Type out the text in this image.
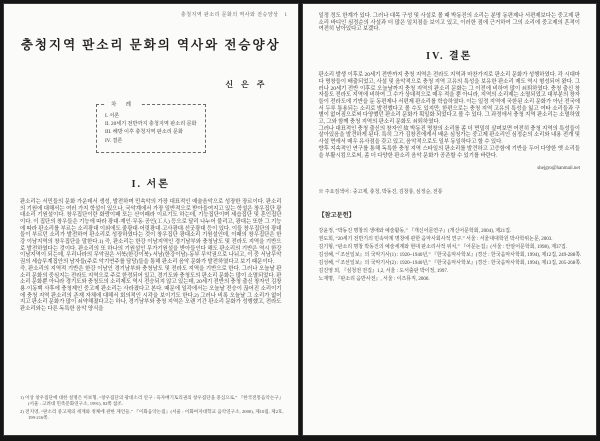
충청지역 판소리 문화의 역사와 전승양상 1
충청지역 판소리 문화의 역사와 전승양상
신 은 주
차 례
I. 서론
II. 20세기 전반까지 충청지역 판소리 문화
III. 해방 이후 충청지역 판소리 문화
IV. 결론
I. 서론

판소리는 서민들의 문화 가운데서 생성, 발전하며 민속악의 가장 대표적인 예술음악으로 성장한 장르이다. 판소리의 기원에 대해서는 여러 가지 학설이 있으나, 국악계에서 가장 일반적으로 받아들여지고 있는 학설은 창우집단 광대소리 기원설이다. 창우집단이란 화랑이패 또는 산이패라 이르기도 하는데, 기능집단이며 세습집단 및 혼인집단이다. 이 집단의 창우들은 기능에 따라 광대·재인·무동·공인(工人) 등으로 달리 나누어 불리고, 광대는 또한 그 기능에 따라 판소리를 부르는 소리광대 이외에도 줄광대·어릿광대·고사광대·선굿광대 등이 있다. 이들 창우집단의 광대들이 부르던 소리가 발전하여 판소리로 성장하였다는 것이 창우집단 광대소리 기원설인데, 이때의 창우집단은 한강 이남지역의 창우집단을 말한다.1) 즉, 판소리는 한강 이남지역인 경기남부와 충청남도 및 전라도 지역을 기반으로 발전하였다는 것이다. 판소리의 또 하나의 기원설인 무가기원설을 받아들인다 해도 판소리의 기반은 역시 한강 이남지역이 되는데, 우리나라의 무악권은 서북(한강이북)·서남(한강이남)·동부 무악권으로 나뉘고, 이 중 서남무악권의 세습무계집안의 남자들(주로 악기연주를 담당)들을 통해 판소리 음악 문화가 발전하였다고 보기 때문이다.

즉, 판소리의 지역적 기반은 한강 이남인 경기남부와 충청남도 및 전라도 지역을 기반으로 한다. 그러나 오늘날 판소리 문화의 중심지는 전라도 지역으로 주로 한정되어 있고, 경기도와 충청도의 판소리 문화는 많이 소멸되었다. 판소리 문화뿐 아니라 경기도와 충청도의 소리제도 역시 전승되지 않고 있는데, 20세기 전반의 충청 출신 창자인 김창룡·이동백 사후에 충청제인 중고제 판소리는 사라졌다고 본다. 때문에 일각에서는 오늘날 전승이 끊어진 소리이기에 충청 지역 판소리의 존재 자체에 대해서 회의적인 시각을 보이기도 한다.2) 그러나 비록 오늘날 그 소리가 없어지고 판소리 문화가 많이 쇠약해졌다고는 하나, 경기남부와 충청 지역은 오랜 기간 판소리 문화가 성행했고, 전라도 판소리와는 다른 독특한 음악 양식을

1) 이상 창우집단에 대한 설명은 이보형, “창우집단의 광대소리 연구 : 육자배기토리권의 창우집단을 중심으로,” 『한국전통음악논구』(서울 : 고려대 민족문화연구소, 1991), 82쪽 참조.
2) 전지영, “판소리 중고제의 세계와 정체에 관한 제언들,” 『이화음악논집』(서울 : 이화여자대학교 음악연구소, 2000), 제10집, 제2호, 199-216쪽.

일정 정도 한계가 있다. 그러나 대목 구성 및 사설로 볼 때 박동진의 소리는 분명 동편제나 서편제보다는 중고제 판소리 바디인 심정순의 사설과 더 많은 일치점을 보이고 있고, 이러한 점에 근거하여 그의 소리에 중고제의 흔적이 여전히 남아있다고 보겠다.

IV. 결론

판소리 발생 이후로 20세기 전반까지 충청 지역은 전라도 지역과 마찬가지로 판소리 문화가 성행하였다. 각 시대마다 명창들이 배출되었고, 사설 및 음악적으로 충청 지역 고유의 특성을 보유한 판소리 제도 역시 형성되어 왔다. 그러나 20세기 전반 이후로 오늘날까지 충청 지역의 판소리 문화는 그 이전에 비하여 많이 쇠퇴하였다. 충청 출신 창자들도 전라도 지역에 비하여 그 수가 상대적으로 매우 적을 뿐 아니라, 지역의 소리제는 소멸되었고 대부분의 창자들이 전라도에 기반을 둔 동편제나 서편제 판소리를 학습하였다. 이는 일정 지역에 국한된 소리 문화가 아닌 전국에서 두루 통용되는 소리로 발전했다고 볼 수도 있지만, 한편으로는 충청 지역 고유의 특성을 잃고 여타 소리들과 구별이 없어짐으로써 다양했던 판소리 문화가 획일화 되었다고 볼 수 있다. 그 과정에서 충청 지역 판소리는 소멸하였고, 그와 함께 충청 지역의 판소리 문화도 쇠퇴하였다.

그러나 대표적인 충청 출신의 창자인 故 박동진 명창의 소리를 좀 더 면밀히 살펴보면 여전히 충청 지역의 특성들이 살아있음을 발견하게 된다. 특히 그가 김창진에게서 배운 심청가는 중고제 판소리인 심정순의 소리와 내용 전개 및 사설 면에서 매우 유사점을 갖고 있고, 음악적으로도 일부 동일하다고 할 수 있다.

향후 지속적인 연구를 통해 독특한 충청 지역 스타일의 판소리를 발견하고 고증함에 기반을 두어 다양한 옛 소리들을 부활시킴으로써, 좀 더 다양한 판소리 음악 문화가 공존할 수 있기를 바란다.

shejgro@hanmail.net
※ 주요검색어 : 중고제, 충청, 박동진, 김창룡, 심정순, 전통
【참고문헌】
강윤정, “박동진 명창의 생애와 예술활동,” 『개신어문연구』(개신어문학회, 2004), 제21집.
권도희, “20세기 전반기의 민속악계 명창에 관한 음악사회사적 연구.” 서울 : 서울대대학원 박사학위논문, 2003.
김기형, “판소리 명창 박동진의 예술세계와 현대 판소리사적 위치,” 『어문논집』(서울 : 안암어문학회, 1998), 제37집.
김성혜, “『조선일보』의 국악기사(1) : 1920~1940년,” 『한국음악사학보』(경산 : 한국음악사학회, 1994), 제12집, 249-288쪽.
김성혜, “『조선일보』의 국악기사(2) : 1920~1940년,” 『한국음악사학보』(경산 : 한국음악사학회, 1994), 제13집, 205-268쪽.
김진영 외, 『심청전 전집』1,2, 서울 : 도서출판 박이정, 1997.
노재명, 『판소리 음반사전』, 서울 : 이즈뮤직, 2000.
